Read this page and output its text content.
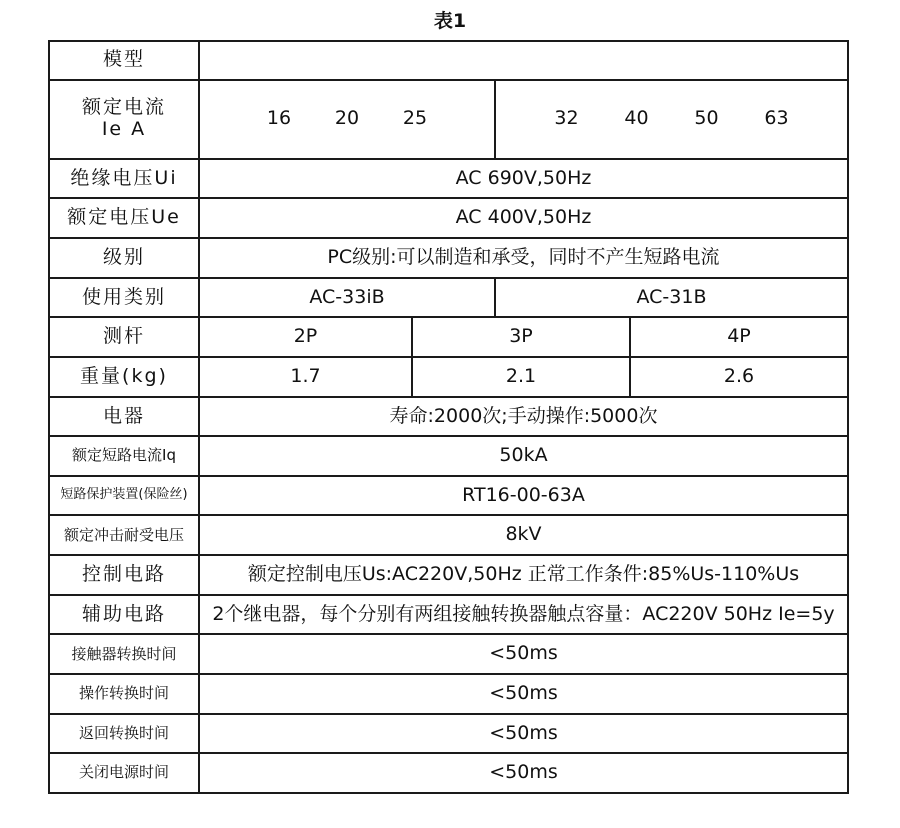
表1
模型				

额定电流
Ie A	16 20 25		32 40 50 63	
绝缘电压Ui	AC 690V,50Hz			
额定电压Ue	AC 400V,50Hz			
级别	PC级别:可以制造和承受，同时不产生短路电流			
使用类别	AC-33iB		AC-31B	
测杆	2P	3P		4P
重量(kg)	1.7	2.1		2.6
电器	寿命:2000次;手动操作:5000次			
额定短路电流Iq	50kA			
短路保护装置(保险丝)	RT16-00-63A			
额定冲击耐受电压	8kV			
控制电路	额定控制电压Us:AC220V,50Hz 正常工作条件:85%Us-110%Us			
辅助电路	2个继电器，每个分别有两组接触转换器触点容量：AC220V 50Hz Ie=5y			
接触器转换时间	<50ms			
操作转换时间	<50ms			
返回转换时间	<50ms			
关闭电源时间	<50ms			
